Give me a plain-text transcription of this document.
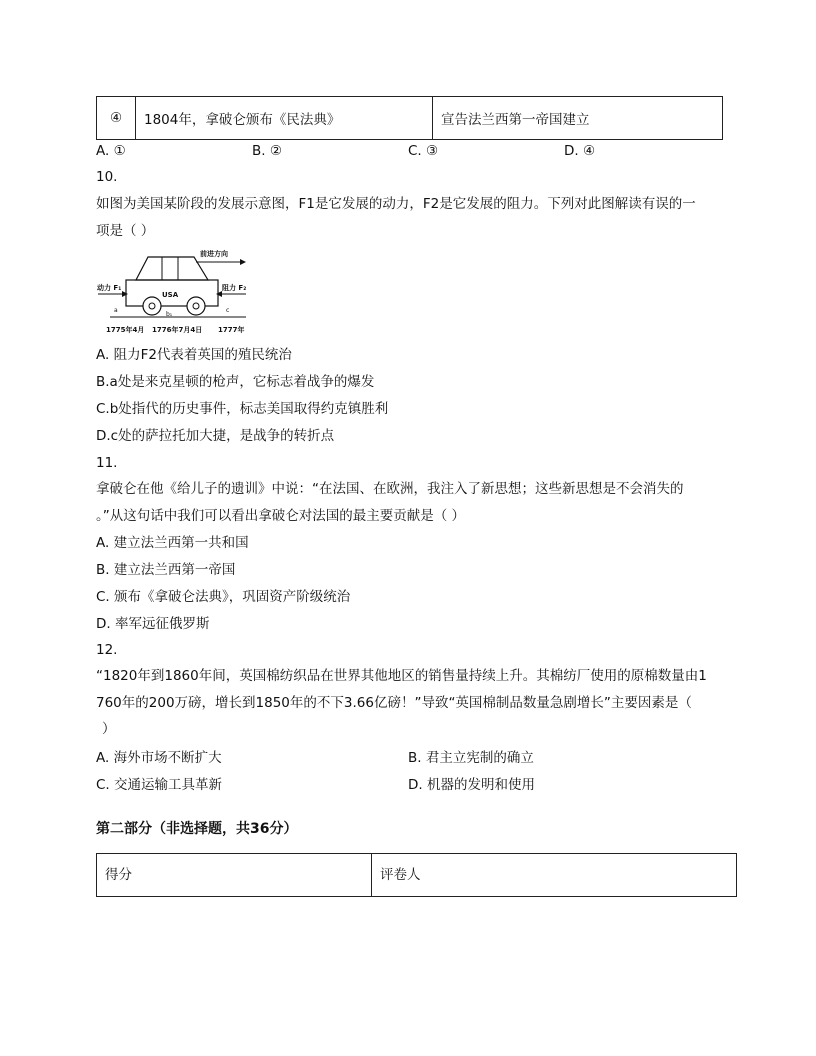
④	1804年，拿破仑颁布《民法典》	宣告法兰西第一帝国建立
A. ①	B. ②	C. ③	D. ④
10.
如图为美国某阶段的发展示意图，F1是它发展的动力，F2是它发展的阻力。下列对此图解读有误的一
项是（ ）
前进方向
USA
动力 F₁	阻力 F₂
a
b₁
c
1775年4月 1776年7月4日 1777年
A. 阻力F2代表着英国的殖民统治
B.a处是来克星顿的枪声，它标志着战争的爆发
C.b处指代的历史事件，标志美国取得约克镇胜利
D.c处的萨拉托加大捷，是战争的转折点
11.
拿破仑在他《给儿子的遗训》中说：“在法国、在欧洲，我注入了新思想；这些新思想是不会消失的
。”从这句话中我们可以看出拿破仑对法国的最主要贡献是（ ）
A. 建立法兰西第一共和国
B. 建立法兰西第一帝国
C. 颁布《拿破仑法典》，巩固资产阶级统治
D. 率军远征俄罗斯
12.
“1820年到1860年间，英国棉纺织品在世界其他地区的销售量持续上升。其棉纺厂使用的原棉数量由1
760年的200万磅，增长到1850年的不下3.66亿磅！”导致“英国棉制品数量急剧增长”主要因素是（
）
A. 海外市场不断扩大	B. 君主立宪制的确立
C. 交通运输工具革新	D. 机器的发明和使用
第二部分（非选择题，共36分）
得分	评卷人
